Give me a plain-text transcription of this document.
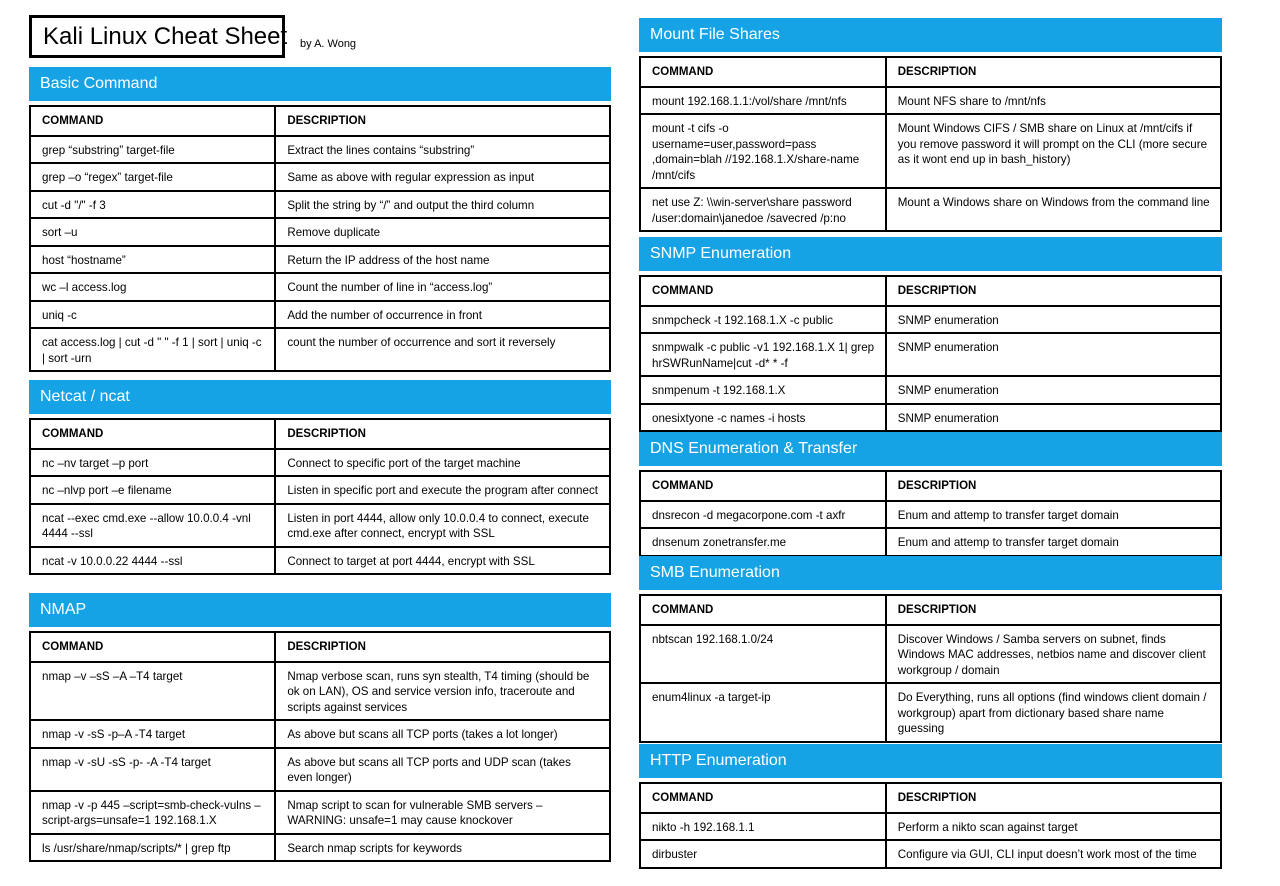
Kali Linux Cheat Sheet by A. Wong
Basic Command
COMMAND	DESCRIPTION
grep “substring” target-file	Extract the lines contains “substring”
grep –o “regex” target-file	Same as above with regular expression as input
cut -d "/" -f 3	Split the string by “/” and output the third column
sort –u	Remove duplicate
host “hostname”	Return the IP address of the host name
wc –l access.log	Count the number of line in “access.log”
uniq -c	Add the number of occurrence in front
cat access.log | cut -d " " -f 1 | sort | uniq -c | sort -urn	count the number of occurrence and sort it reversely
Netcat / ncat
COMMAND	DESCRIPTION
nc –nv target –p port	Connect to specific port of the target machine
nc –nlvp port –e filename	Listen in specific port and execute the program after connect
ncat --exec cmd.exe --allow 10.0.0.4 -vnl 4444 --ssl	Listen in port 4444, allow only 10.0.0.4 to connect, execute cmd.exe after connect, encrypt with SSL
ncat -v 10.0.0.22 4444 --ssl	Connect to target at port 4444, encrypt with SSL
NMAP
COMMAND	DESCRIPTION
nmap –v –sS –A –T4 target	Nmap verbose scan, runs syn stealth, T4 timing (should be ok on LAN), OS and service version info, traceroute and scripts against services
nmap -v -sS -p–A -T4 target	As above but scans all TCP ports (takes a lot longer)
nmap -v -sU -sS -p- -A -T4 target	As above but scans all TCP ports and UDP scan (takes even longer)
nmap -v -p 445 –script=smb-check-vulns –script-args=unsafe=1 192.168.1.X	Nmap script to scan for vulnerable SMB servers – WARNING: unsafe=1 may cause knockover
ls /usr/share/nmap/scripts/* | grep ftp	Search nmap scripts for keywords
Mount File Shares
COMMAND	DESCRIPTION
mount 192.168.1.1:/vol/share /mnt/nfs	Mount NFS share to /mnt/nfs
mount -t cifs -o username=user,password=pass ,domain=blah //192.168.1.X/share-name /mnt/cifs	Mount Windows CIFS / SMB share on Linux at /mnt/cifs if you remove password it will prompt on the CLI (more secure as it wont end up in bash_history)
net use Z: \\win-server\share password /user:domain\janedoe /savecred /p:no	Mount a Windows share on Windows from the command line
SNMP Enumeration
COMMAND	DESCRIPTION
snmpcheck -t 192.168.1.X -c public	SNMP enumeration
snmpwalk -c public -v1 192.168.1.X 1| grep hrSWRunName|cut -d* * -f	SNMP enumeration
snmpenum -t 192.168.1.X	SNMP enumeration
onesixtyone -c names -i hosts	SNMP enumeration
DNS Enumeration & Transfer
COMMAND	DESCRIPTION
dnsrecon -d megacorpone.com -t axfr	Enum and attemp to transfer target domain
dnsenum zonetransfer.me	Enum and attemp to transfer target domain
SMB Enumeration
COMMAND	DESCRIPTION
nbtscan 192.168.1.0/24	Discover Windows / Samba servers on subnet, finds Windows MAC addresses, netbios name and discover client workgroup / domain
enum4linux -a target-ip	Do Everything, runs all options (find windows client domain / workgroup) apart from dictionary based share name guessing
HTTP Enumeration
COMMAND	DESCRIPTION
nikto -h 192.168.1.1	Perform a nikto scan against target
dirbuster	Configure via GUI, CLI input doesn’t work most of the time
